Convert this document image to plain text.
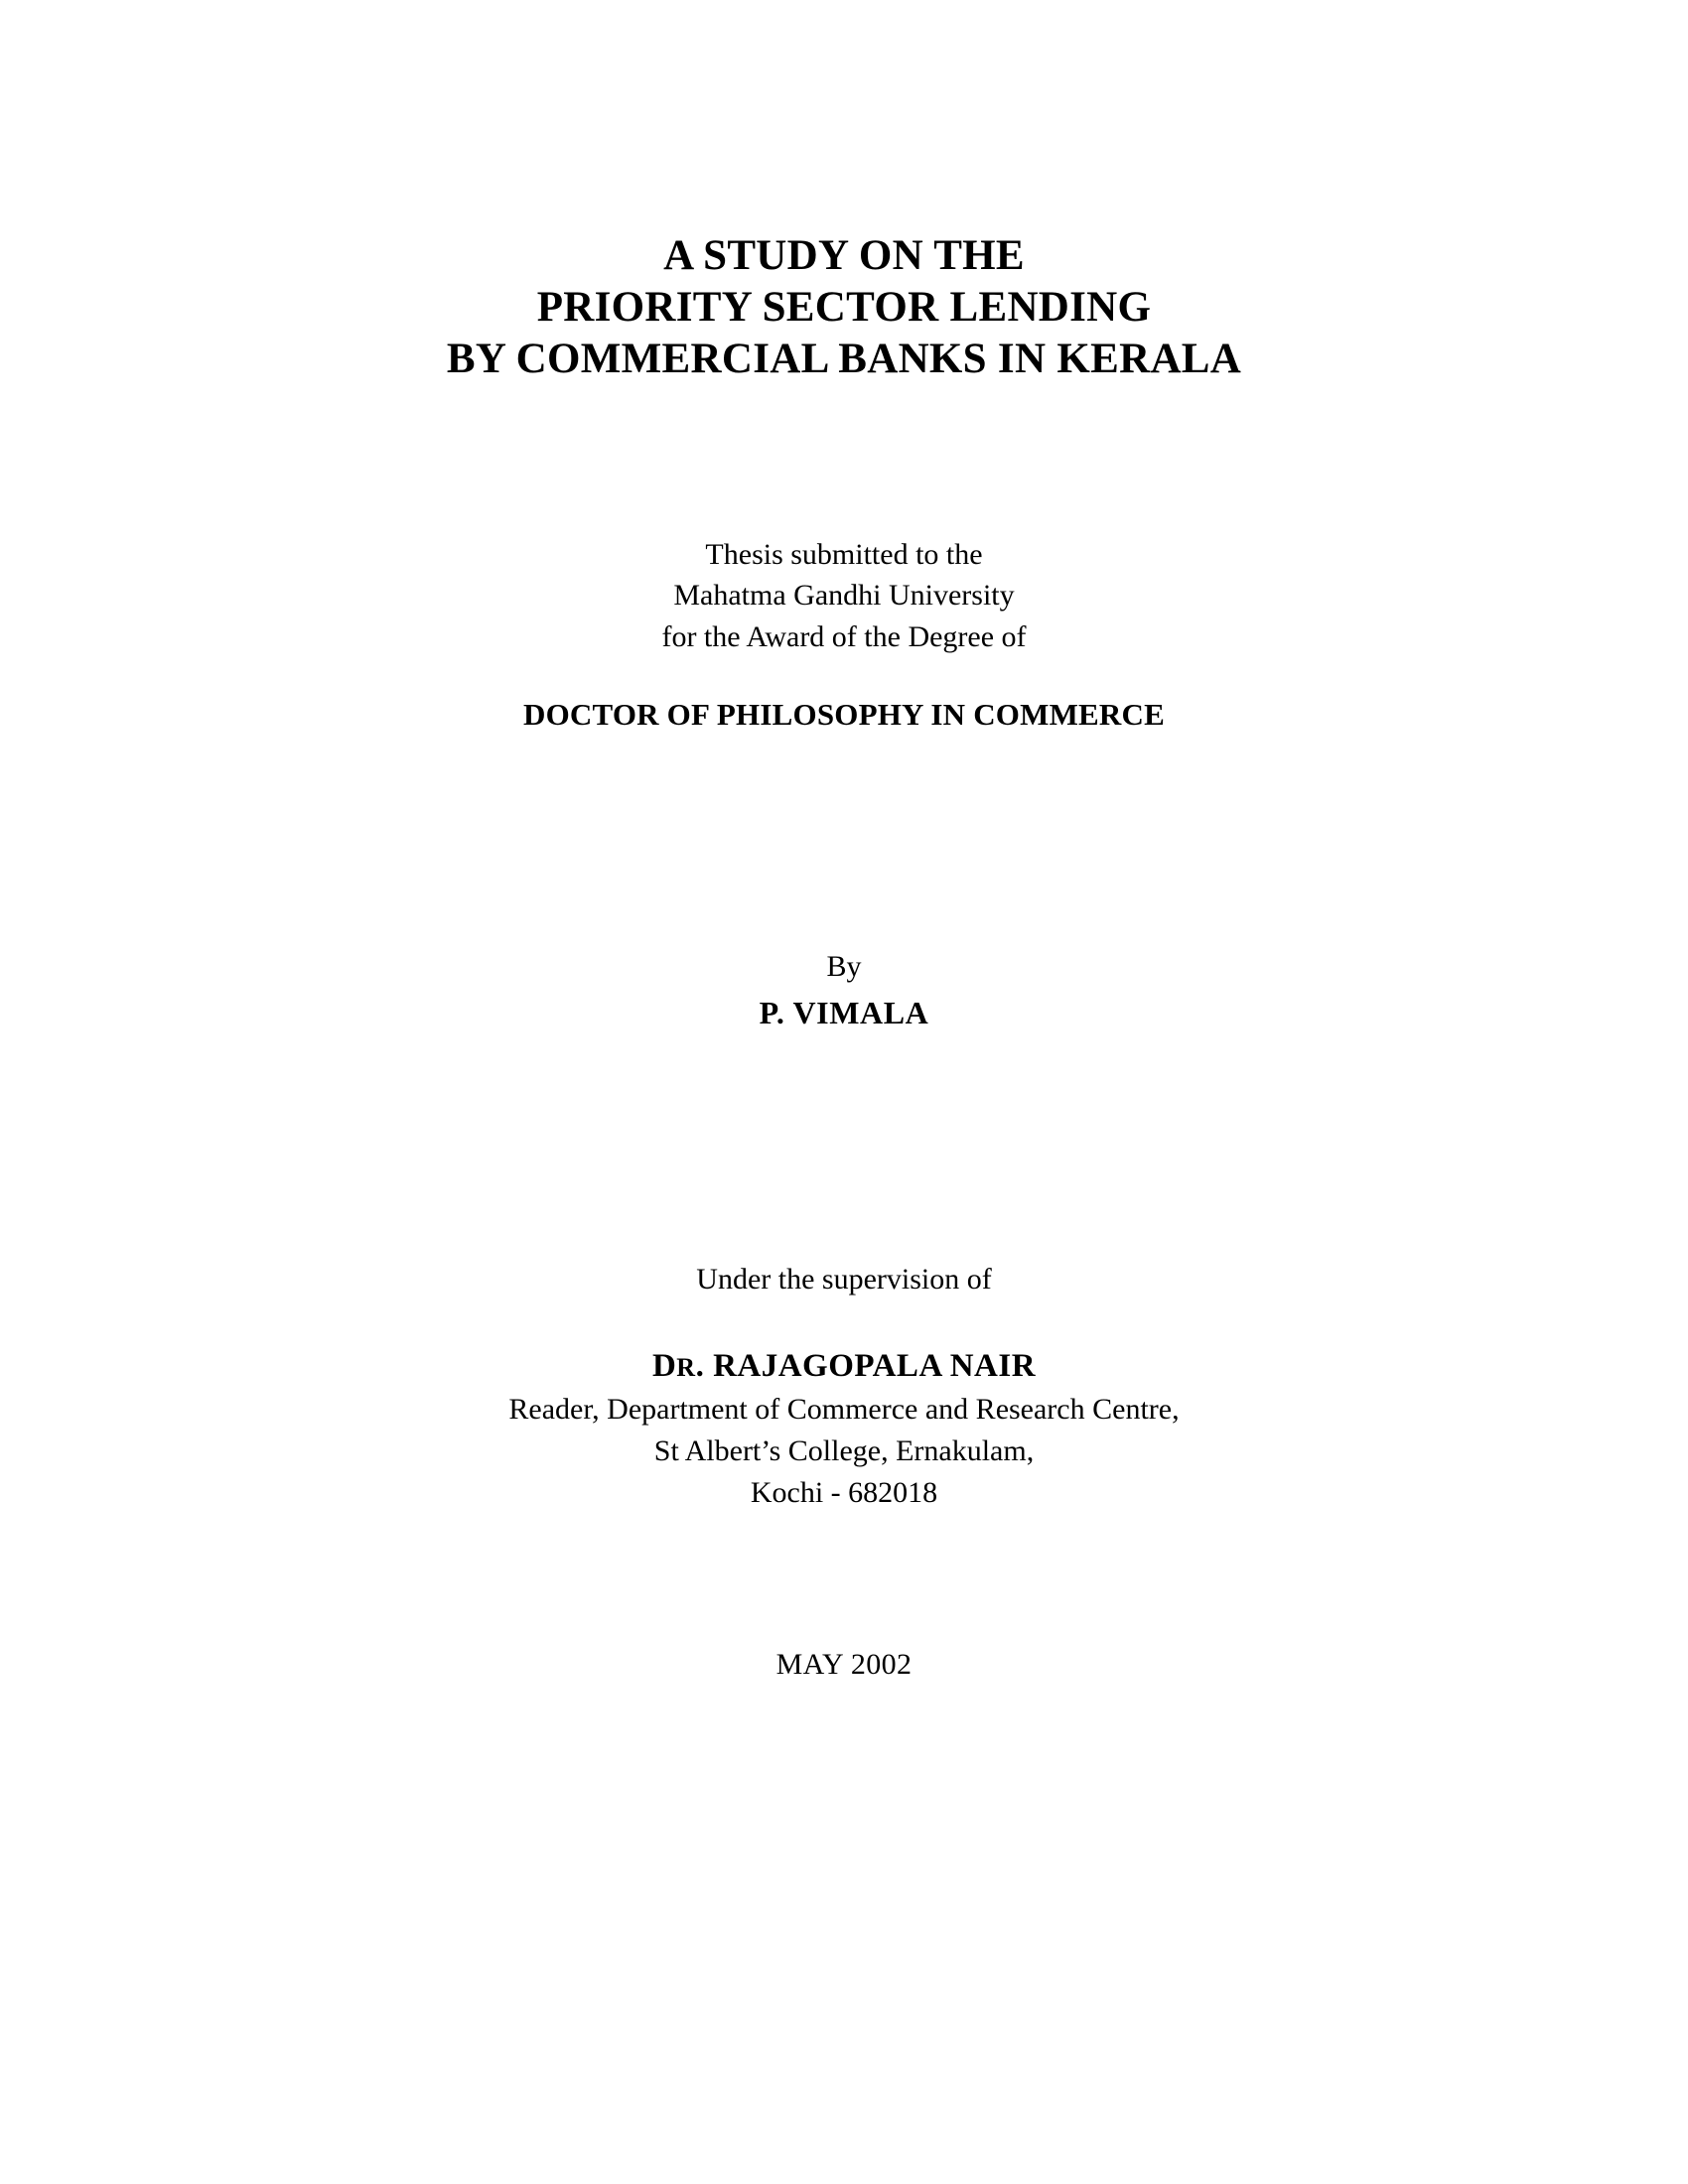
A STUDY ON THE
PRIORITY SECTOR LENDING
BY COMMERCIAL BANKS IN KERALA
Thesis submitted to the
Mahatma Gandhi University
for the Award of the Degree of
DOCTOR OF PHILOSOPHY IN COMMERCE
By
P. VIMALA
Under the supervision of
DR. RAJAGOPALA NAIR
Reader, Department of Commerce and Research Centre,
St Albert’s College, Ernakulam,
Kochi - 682018
MAY 2002
